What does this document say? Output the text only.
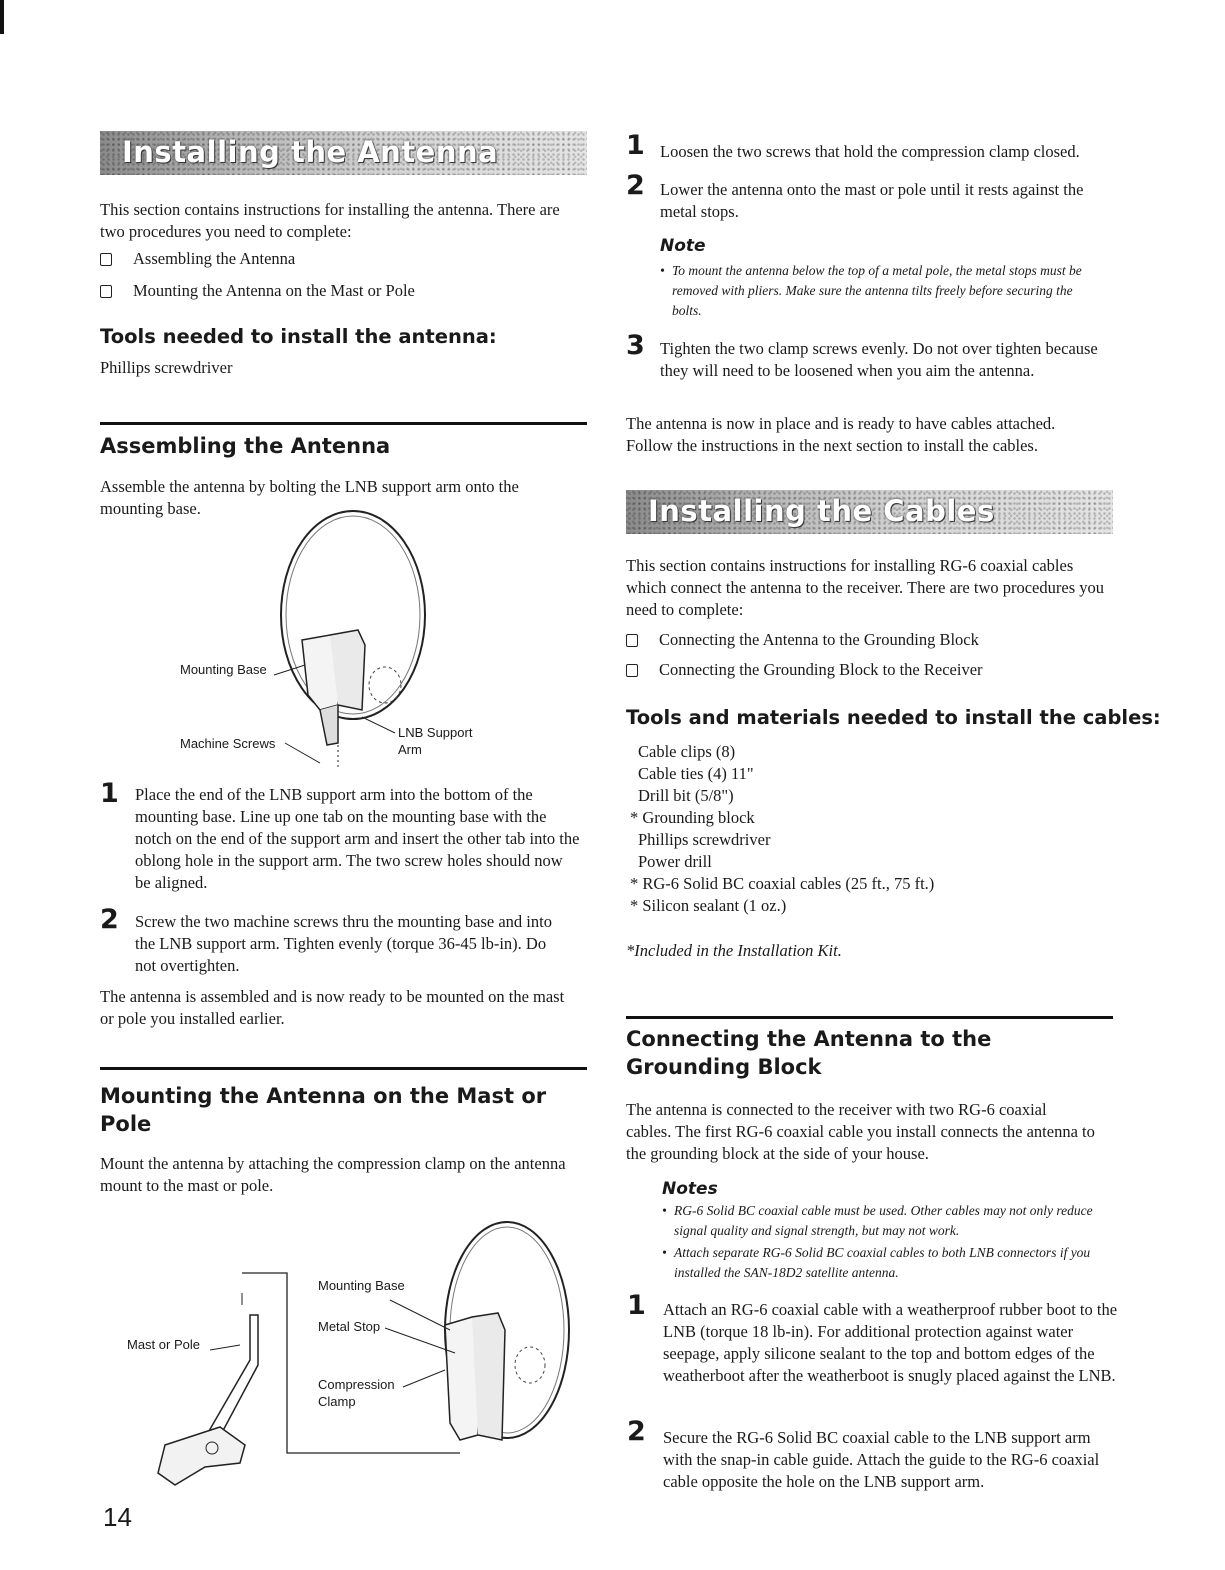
Installing the Antenna
This section contains instructions for installing the antenna. There are two procedures you need to complete:
Assembling the Antenna
Mounting the Antenna on the Mast or Pole
Tools needed to install the antenna:
Phillips screwdriver
Assembling the Antenna
Assemble the antenna by bolting the LNB support arm onto the mounting base.
Mounting Base
Machine Screws
LNB Support
Arm
1 Place the end of the LNB support arm into the bottom of the mounting base. Line up one tab on the mounting base with the notch on the end of the support arm and insert the other tab into the oblong hole in the support arm. The two screw holes should now be aligned.
2 Screw the two machine screws thru the mounting base and into the LNB support arm. Tighten evenly (torque 36-45 lb-in). Do not overtighten.
The antenna is assembled and is now ready to be mounted on the mast or pole you installed earlier.
Mounting the Antenna on the Mast or Pole
Mount the antenna by attaching the compression clamp on the antenna mount to the mast or pole.
Mast or Pole
Mounting Base
Metal Stop
Compression
Clamp
14
1 Loosen the two screws that hold the compression clamp closed.
2 Lower the antenna onto the mast or pole until it rests against the metal stops.
Note
• To mount the antenna below the top of a metal pole, the metal stops must be removed with pliers. Make sure the antenna tilts freely before securing the bolts.
3 Tighten the two clamp screws evenly. Do not over tighten because they will need to be loosened when you aim the antenna.
The antenna is now in place and is ready to have cables attached. Follow the instructions in the next section to install the cables.
Installing the Cables
This section contains instructions for installing RG-6 coaxial cables which connect the antenna to the receiver. There are two procedures you need to complete:
Connecting the Antenna to the Grounding Block
Connecting the Grounding Block to the Receiver
Tools and materials needed to install the cables:
Cable clips (8)
Cable ties (4) 11"
Drill bit (5/8")
* Grounding block
Phillips screwdriver
Power drill
* RG-6 Solid BC coaxial cables (25 ft., 75 ft.)
* Silicon sealant (1 oz.)
*Included in the Installation Kit.
Connecting the Antenna to the Grounding Block
The antenna is connected to the receiver with two RG-6 coaxial cables. The first RG-6 coaxial cable you install connects the antenna to the grounding block at the side of your house.
Notes
• RG-6 Solid BC coaxial cable must be used. Other cables may not only reduce signal quality and signal strength, but may not work.
• Attach separate RG-6 Solid BC coaxial cables to both LNB connectors if you installed the SAN-18D2 satellite antenna.
1 Attach an RG-6 coaxial cable with a weatherproof rubber boot to the LNB (torque 18 lb-in). For additional protection against water seepage, apply silicone sealant to the top and bottom edges of the weatherboot after the weatherboot is snugly placed against the LNB.
2 Secure the RG-6 Solid BC coaxial cable to the LNB support arm with the snap-in cable guide. Attach the guide to the RG-6 coaxial cable opposite the hole on the LNB support arm.
